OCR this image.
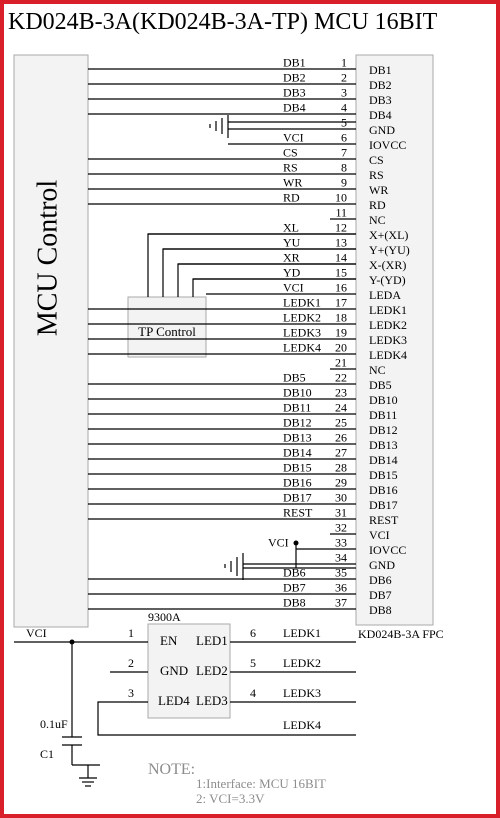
KD024B-3A(KD024B-3A-TP) MCU 16BIT
MCU Control
KD024B-3A FPC
TP Control
1
DB1
DB1
2
DB2
DB2
3
DB3
DB3
4
DB4
DB4
5
GND
6
VCI
IOVCC
7
CS
CS
8
RS
RS
9
WR
WR
10
RD
RD
11
NC
12
XL
X+(XL)
13
YU
Y+(YU)
14
XR
X-(XR)
15
YD
Y-(YD)
16
VCI
LEDA
17
LEDK1
LEDK1
18
LEDK2
LEDK2
19
LEDK3
LEDK3
20
LEDK4
LEDK4
21
NC
22
DB5
DB5
23
DB10
DB10
24
DB11
DB11
25
DB12
DB12
26
DB13
DB13
27
DB14
DB14
28
DB15
DB15
29
DB16
DB16
30
DB17
DB17
31
REST
REST
32
VCI
33
VCI
IOVCC
34
GND
35
DB6
DB6
36
DB7
DB7
37
DB8
DB8
9300A
EN
GND
LED4
LED1
LED2
LED3
VCI	1
2
3
6
5
4
LEDK1
LEDK2
LEDK3
LEDK4
0.1uF
C1
NOTE:
1:Interface: MCU 16BIT
2: VCI=3.3V
